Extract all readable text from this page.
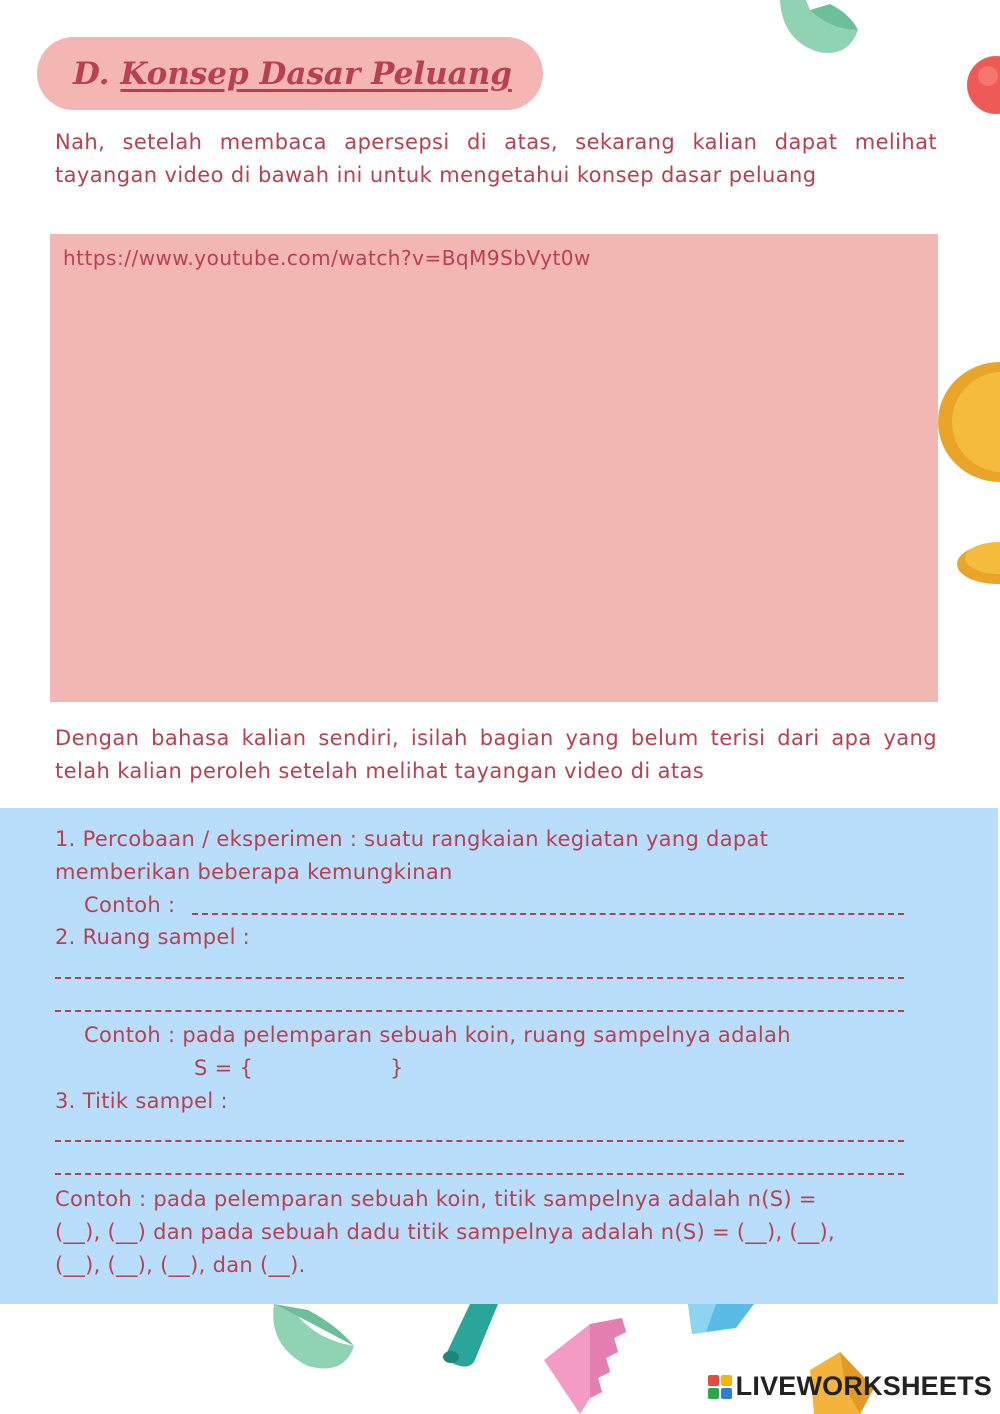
D. Konsep Dasar Peluang
Nah, setelah membaca apersepsi di atas, sekarang kalian dapat melihat tayangan video di bawah ini untuk mengetahui konsep dasar peluang
https://www.youtube.com/watch?v=BqM9SbVyt0w
Dengan bahasa kalian sendiri, isilah bagian yang belum terisi dari apa yang telah kalian peroleh setelah melihat tayangan video di atas
1. Percobaan / eksperimen : suatu rangkaian kegiatan yang dapat
memberikan beberapa kemungkinan
Contoh :
2. Ruang sampel :
Contoh : pada pelemparan sebuah koin, ruang sampelnya adalah
S = {	}
3. Titik sampel :
Contoh : pada pelemparan sebuah koin, titik sampelnya adalah n(S) =
(__), (__) dan pada sebuah dadu titik sampelnya adalah n(S) = (__), (__),
(__), (__), (__), dan (__).
LIVEWORKSHEETS
